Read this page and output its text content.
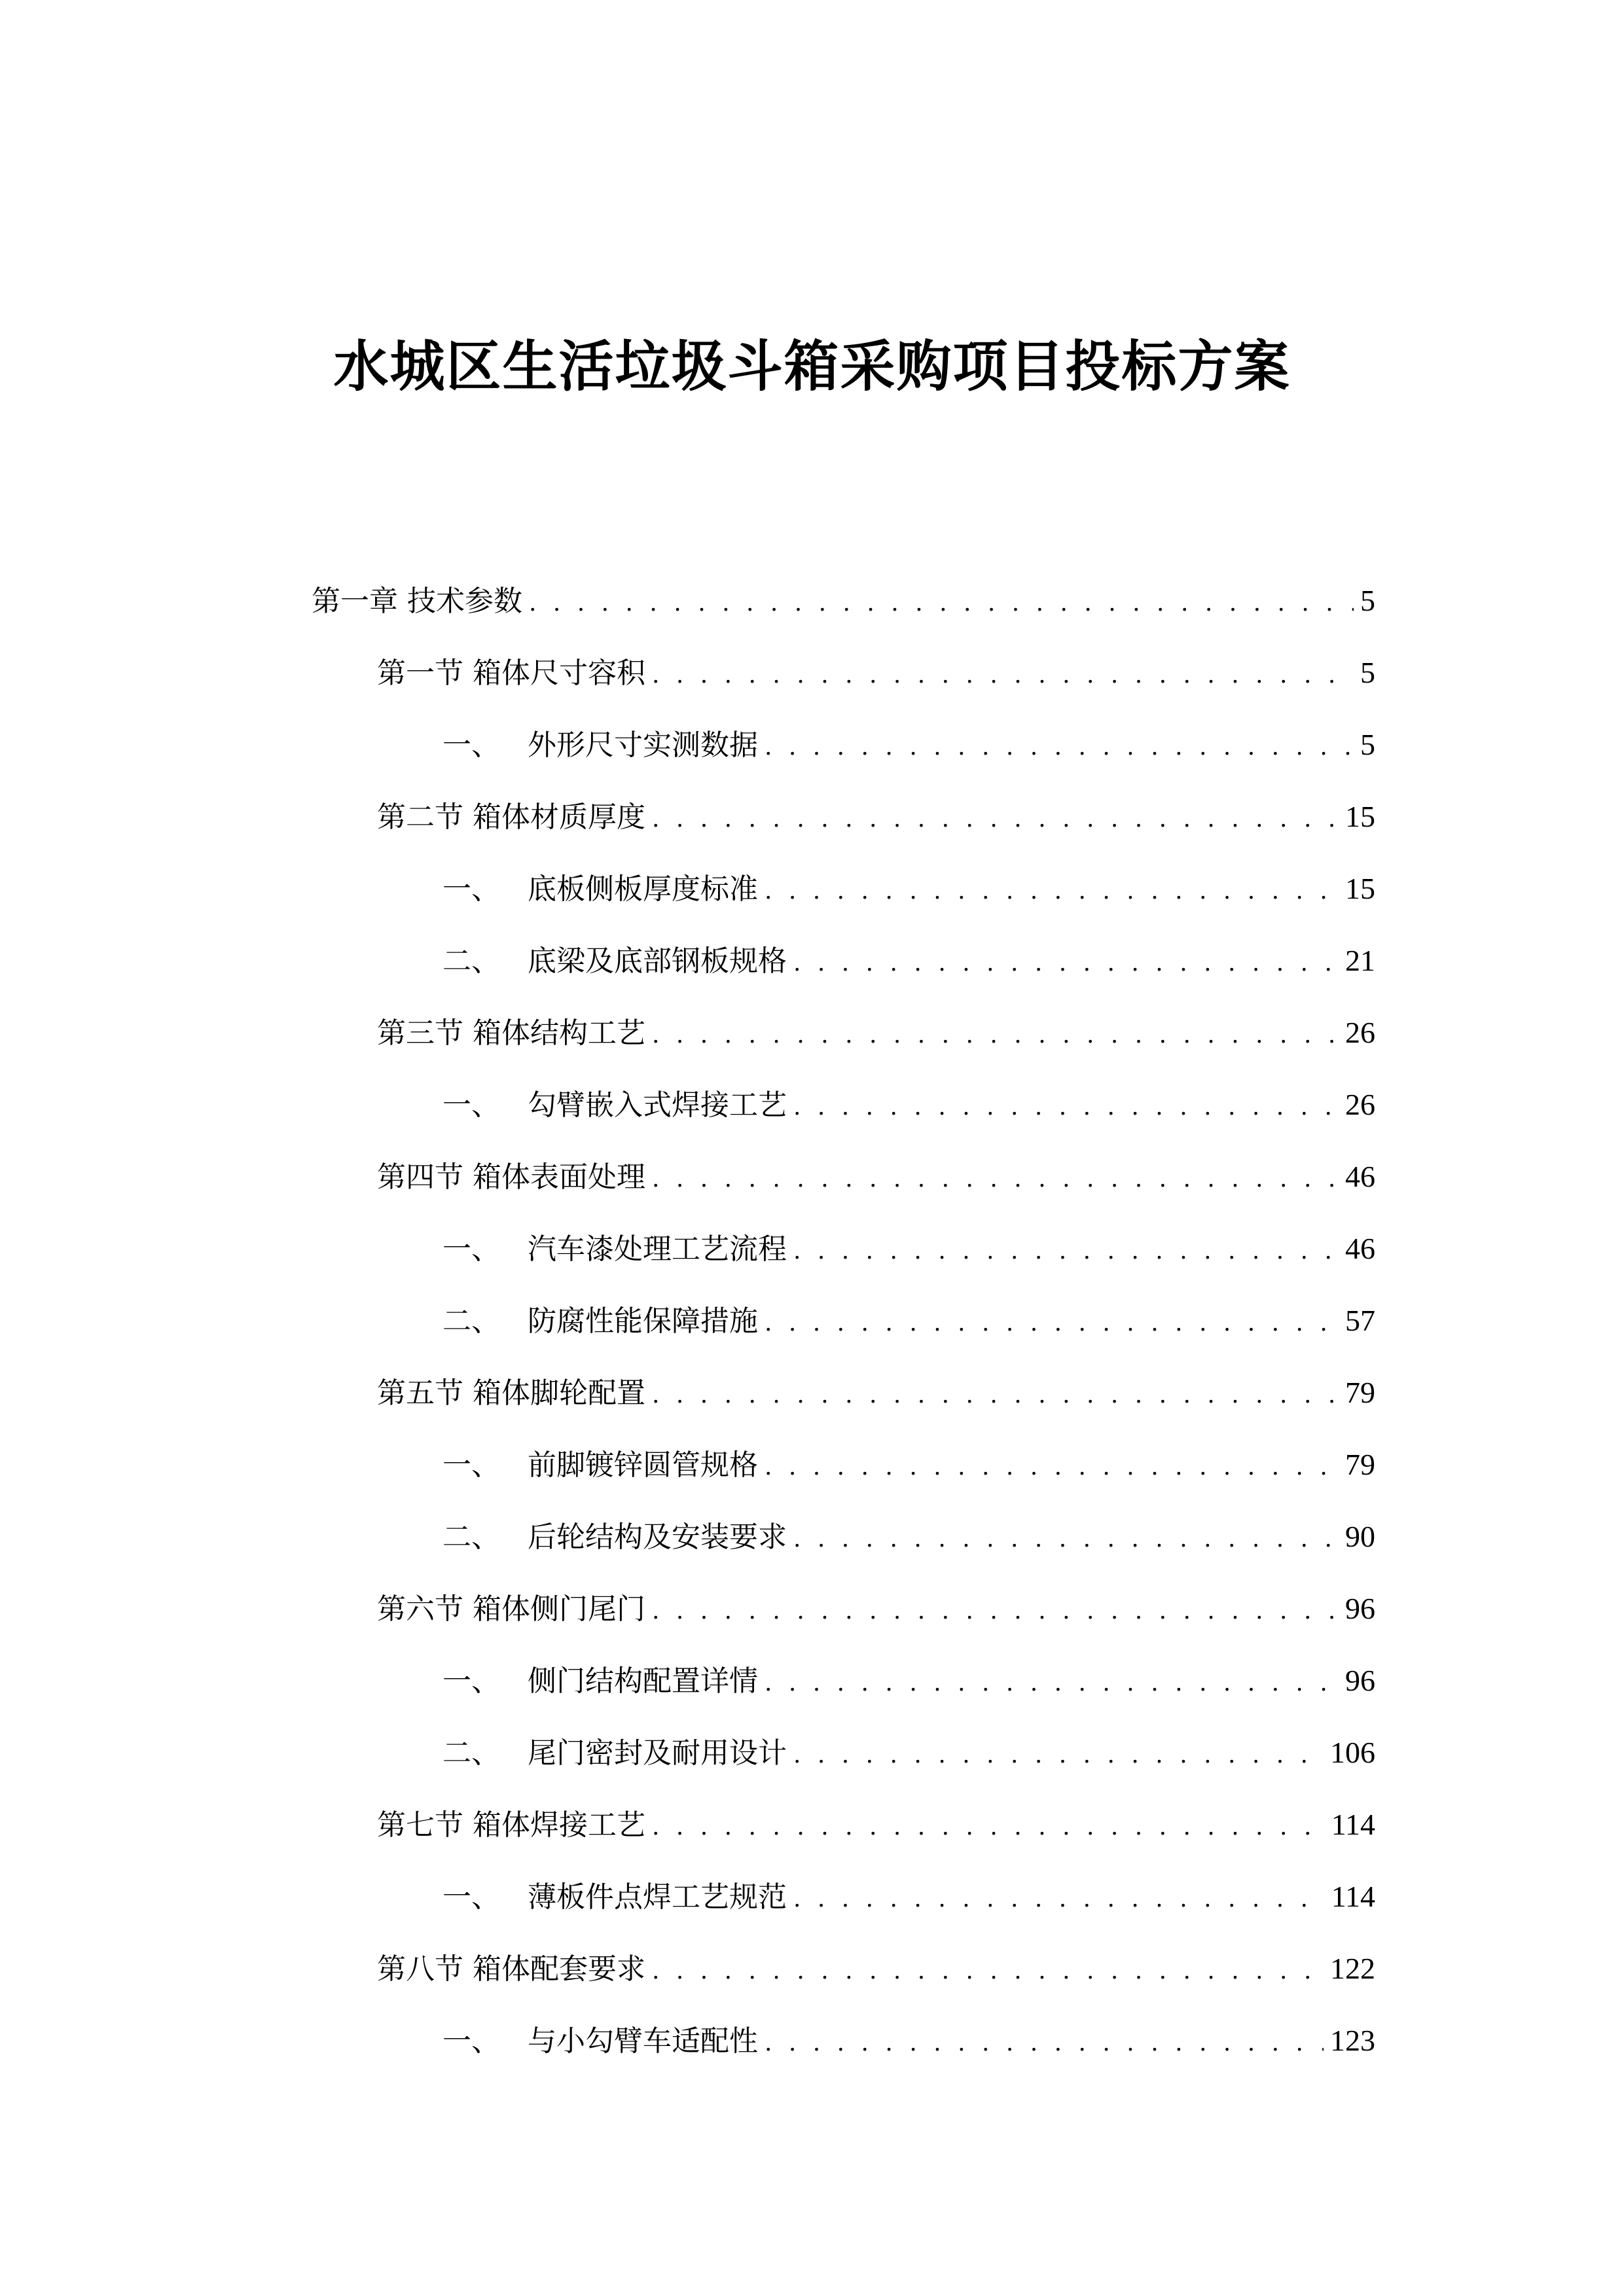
水城区生活垃圾斗箱采购项目投标方案
第一章 技术参数 . . .	5
第一节 箱体尺寸容积 . . .	5
一、 外形尺寸实测数据 . . .	5
第二节 箱体材质厚度 . . .	15
一、 底板侧板厚度标准 . . .	15
二、 底梁及底部钢板规格 . . .	21
第三节 箱体结构工艺 . . .	26
一、 勾臂嵌入式焊接工艺 . . .	26
第四节 箱体表面处理 . . .	46
一、 汽车漆处理工艺流程 . . .	46
二、 防腐性能保障措施 . . .	57
第五节 箱体脚轮配置 . . .	79
一、 前脚镀锌圆管规格 . . .	79
二、 后轮结构及安装要求 . . .	90
第六节 箱体侧门尾门 . . .	96
一、 侧门结构配置详情 . . .	96
二、 尾门密封及耐用设计 . . .	106
第七节 箱体焊接工艺 . . .	114
一、 薄板件点焊工艺规范 . . .	114
第八节 箱体配套要求 . . .	122
一、 与小勾臂车适配性 . . .	123
